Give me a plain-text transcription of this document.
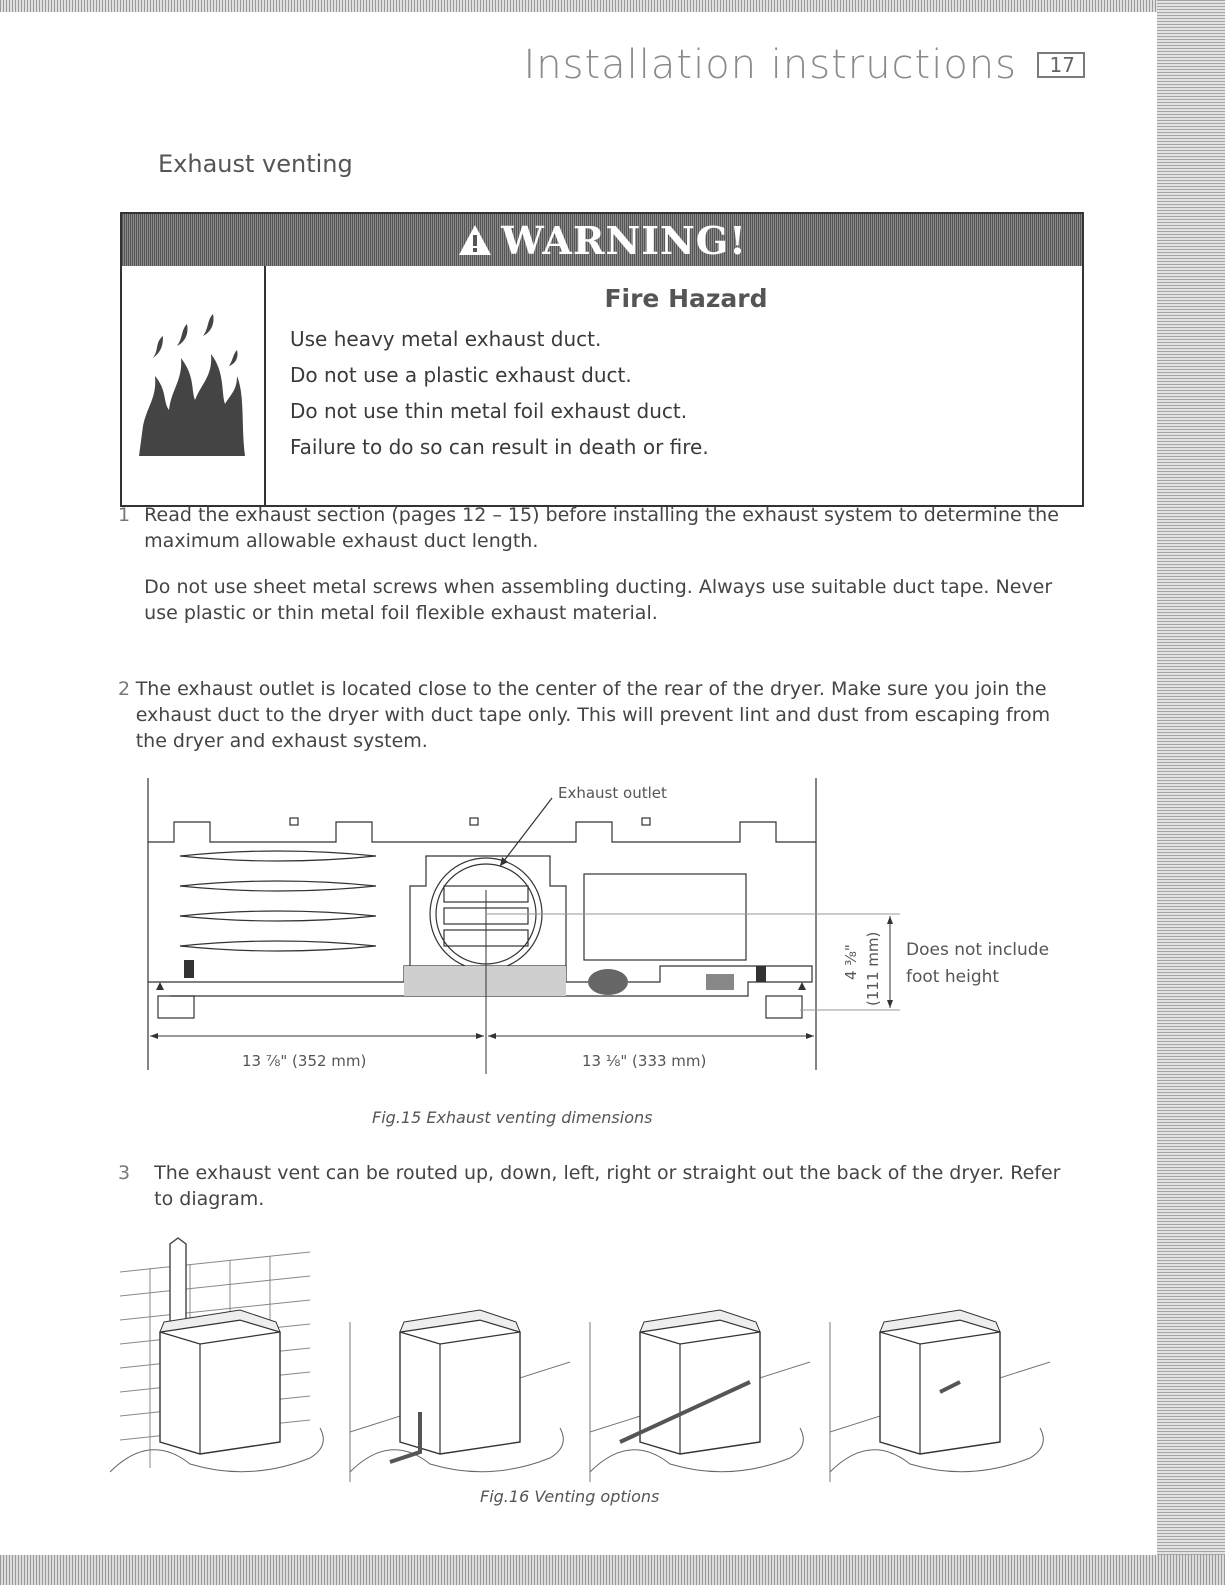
Installation instructions	17
Exhaust venting
WARNING!
Fire Hazard
Use heavy metal exhaust duct.
Do not use a plastic exhaust duct.
Do not use thin metal foil exhaust duct.
Failure to do so can result in death or fire.
1 Read the exhaust section (pages 12 – 15) before installing the exhaust system to determine the maximum allowable exhaust duct length.

Do not use sheet metal screws when assembling ducting. Always use suitable duct tape. Never use plastic or thin metal foil flexible exhaust material.

2 The exhaust outlet is located close to the center of the rear of the dryer. Make sure you join the exhaust duct to the dryer with duct tape only. This will prevent lint and dust from escaping from the dryer and exhaust system.

Exhaust outlet
13 ⅞" (352 mm)	13 ⅛" (333 mm)
4 ⅜" (111 mm) Does not include
foot height
Fig.15 Exhaust venting dimensions
3	The exhaust vent can be routed up, down, left, right or straight out the back of the dryer. Refer to diagram.

Fig.16 Venting options
